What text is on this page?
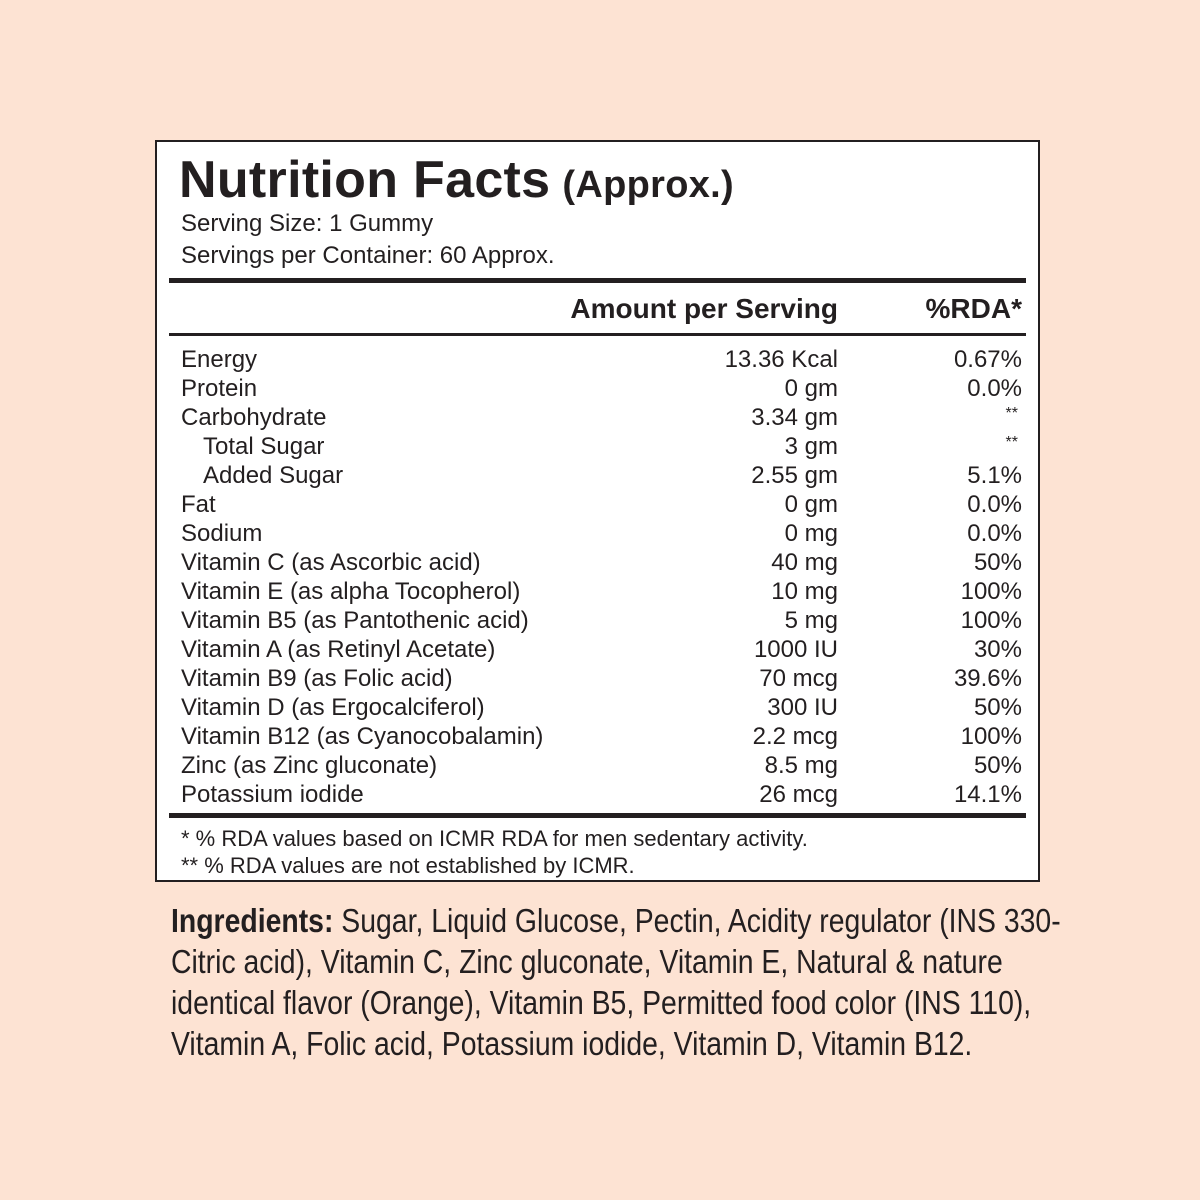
Nutrition Facts (Approx.)
Serving Size: 1 Gummy
Servings per Container: 60 Approx.
Amount per Serving	%RDA*
Energy	13.36 Kcal	0.67%
Protein	0 gm	0.0%
Carbohydrate	3.34 gm	**
Total Sugar	3 gm	**
Added Sugar	2.55 gm	5.1%
Fat	0 gm	0.0%
Sodium	0 mg	0.0%
Vitamin C (as Ascorbic acid)	40 mg	50%
Vitamin E (as alpha Tocopherol)	10 mg	100%
Vitamin B5 (as Pantothenic acid)	5 mg	100%
Vitamin A (as Retinyl Acetate)	1000 IU	30%
Vitamin B9 (as Folic acid)	70 mcg	39.6%
Vitamin D (as Ergocalciferol)	300 IU	50%
Vitamin B12 (as Cyanocobalamin)	2.2 mcg	100%
Zinc (as Zinc gluconate)	8.5 mg	50%
Potassium iodide	26 mcg	14.1%
* % RDA values based on ICMR RDA for men sedentary activity.
** % RDA values are not established by ICMR.
Ingredients: Sugar, Liquid Glucose, Pectin, Acidity regulator (INS 330- Citric acid), Vitamin C, Zinc gluconate, Vitamin E, Natural & nature identical flavor (Orange), Vitamin B5, Permitted food color (INS 110), Vitamin A, Folic acid, Potassium iodide, Vitamin D, Vitamin B12.
